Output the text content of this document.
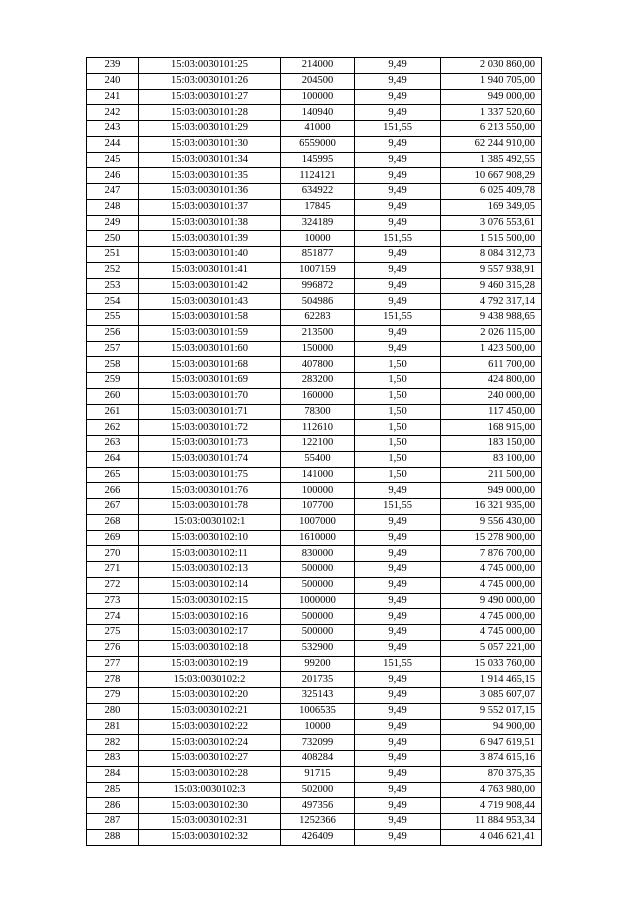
239	15:03:0030101:25	214000	9,49	2 030 860,00
240	15:03:0030101:26	204500	9,49	1 940 705,00
241	15:03:0030101:27	100000	9,49	949 000,00
242	15:03:0030101:28	140940	9,49	1 337 520,60
243	15:03:0030101:29	41000	151,55	6 213 550,00
244	15:03:0030101:30	6559000	9,49	62 244 910,00
245	15:03:0030101:34	145995	9,49	1 385 492,55
246	15:03:0030101:35	1124121	9,49	10 667 908,29
247	15:03:0030101:36	634922	9,49	6 025 409,78
248	15:03:0030101:37	17845	9,49	169 349,05
249	15:03:0030101:38	324189	9,49	3 076 553,61
250	15:03:0030101:39	10000	151,55	1 515 500,00
251	15:03:0030101:40	851877	9,49	8 084 312,73
252	15:03:0030101:41	1007159	9,49	9 557 938,91
253	15:03:0030101:42	996872	9,49	9 460 315,28
254	15:03:0030101:43	504986	9,49	4 792 317,14
255	15:03:0030101:58	62283	151,55	9 438 988,65
256	15:03:0030101:59	213500	9,49	2 026 115,00
257	15:03:0030101:60	150000	9,49	1 423 500,00
258	15:03:0030101:68	407800	1,50	611 700,00
259	15:03:0030101:69	283200	1,50	424 800,00
260	15:03:0030101:70	160000	1,50	240 000,00
261	15:03:0030101:71	78300	1,50	117 450,00
262	15:03:0030101:72	112610	1,50	168 915,00
263	15:03:0030101:73	122100	1,50	183 150,00
264	15:03:0030101:74	55400	1,50	83 100,00
265	15:03:0030101:75	141000	1,50	211 500,00
266	15:03:0030101:76	100000	9,49	949 000,00
267	15:03:0030101:78	107700	151,55	16 321 935,00
268	15:03:0030102:1	1007000	9,49	9 556 430,00
269	15:03:0030102:10	1610000	9,49	15 278 900,00
270	15:03:0030102:11	830000	9,49	7 876 700,00
271	15:03:0030102:13	500000	9,49	4 745 000,00
272	15:03:0030102:14	500000	9,49	4 745 000,00
273	15:03:0030102:15	1000000	9,49	9 490 000,00
274	15:03:0030102:16	500000	9,49	4 745 000,00
275	15:03:0030102:17	500000	9,49	4 745 000,00
276	15:03:0030102:18	532900	9,49	5 057 221,00
277	15:03:0030102:19	99200	151,55	15 033 760,00
278	15:03:0030102:2	201735	9,49	1 914 465,15
279	15:03:0030102:20	325143	9,49	3 085 607,07
280	15:03:0030102:21	1006535	9,49	9 552 017,15
281	15:03:0030102:22	10000	9,49	94 900,00
282	15:03:0030102:24	732099	9,49	6 947 619,51
283	15:03:0030102:27	408284	9,49	3 874 615,16
284	15:03:0030102:28	91715	9,49	870 375,35
285	15:03:0030102:3	502000	9,49	4 763 980,00
286	15:03:0030102:30	497356	9,49	4 719 908,44
287	15:03:0030102:31	1252366	9,49	11 884 953,34
288	15:03:0030102:32	426409	9,49	4 046 621,41
